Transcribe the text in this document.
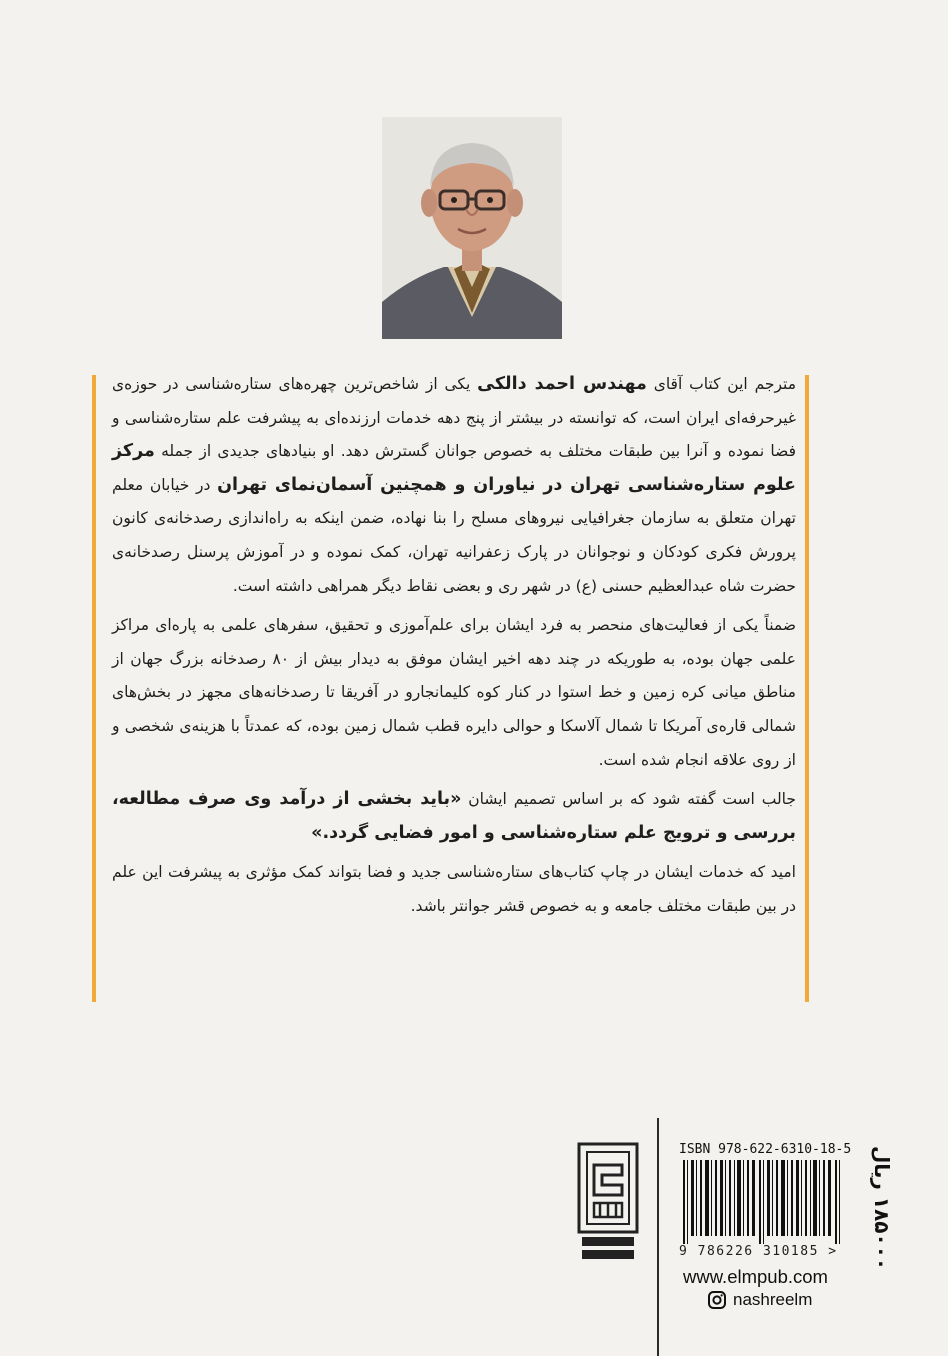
مترجم این کتاب آقای مهندس احمد دالکی یکی از شاخص‌ترین چهره‌های ستاره‌شناسی در حوزه‌ی غیرحرفه‌ای ایران است، که توانسته در بیشتر از پنج دهه خدمات ارزنده‌ای به پیشرفت علم ستاره‌شناسی و فضا نموده و آنرا بین طبقات مختلف به خصوص جوانان گسترش دهد. او بنیادهای جدیدی از جمله مرکز علوم ستاره‌شناسی تهران در نیاوران و همچنین آسمان‌نمای تهران در خیابان معلم تهران متعلق به سازمان جغرافیایی نیروهای مسلح را بنا نهاده، ضمن اینکه به راه‌اندازی رصدخانه‌ی کانون پرورش فکری کودکان و نوجوانان در پارک زعفرانیه تهران، کمک نموده و در آموزش پرسنل رصدخانه‌ی حضرت شاه عبدالعظیم حسنی (ع) در شهر ری و بعضی نقاط دیگر همراهی داشته است.

ضمناً یکی از فعالیت‌های منحصر به فرد ایشان برای علم‌آموزی و تحقیق، سفرهای علمی به پاره‌ای مراکز علمی جهان بوده، به طوریکه در چند دهه اخیر ایشان موفق به دیدار بیش از ۸۰ رصدخانه بزرگ جهان از مناطق میانی کره زمین و خط استوا در کنار کوه کلیمانجارو در آفریقا تا رصدخانه‌های مجهز در بخش‌های شمالی قاره‌ی آمریکا تا شمال آلاسکا و حوالی دایره قطب شمال زمین بوده، که عمدتاً با هزینه‌ی شخصی و از روی علاقه انجام شده است.

جالب است گفته شود که بر اساس تصمیم ایشان «باید بخشی از درآمد وی صرف مطالعه، بررسی و ترویج علم ستاره‌شناسی و امور فضایی گردد.»

امید که خدمات ایشان در چاپ کتاب‌های ستاره‌شناسی جدید و فضا بتواند کمک مؤثری به پیشرفت این علم در بین طبقات مختلف جامعه و به خصوص قشر جوانتر باشد.

ISBN 978-622-6310-18-5
9 786226 310185 >
www.elmpub.com
nashreelm
۱۸۵۰۰۰ ریال
